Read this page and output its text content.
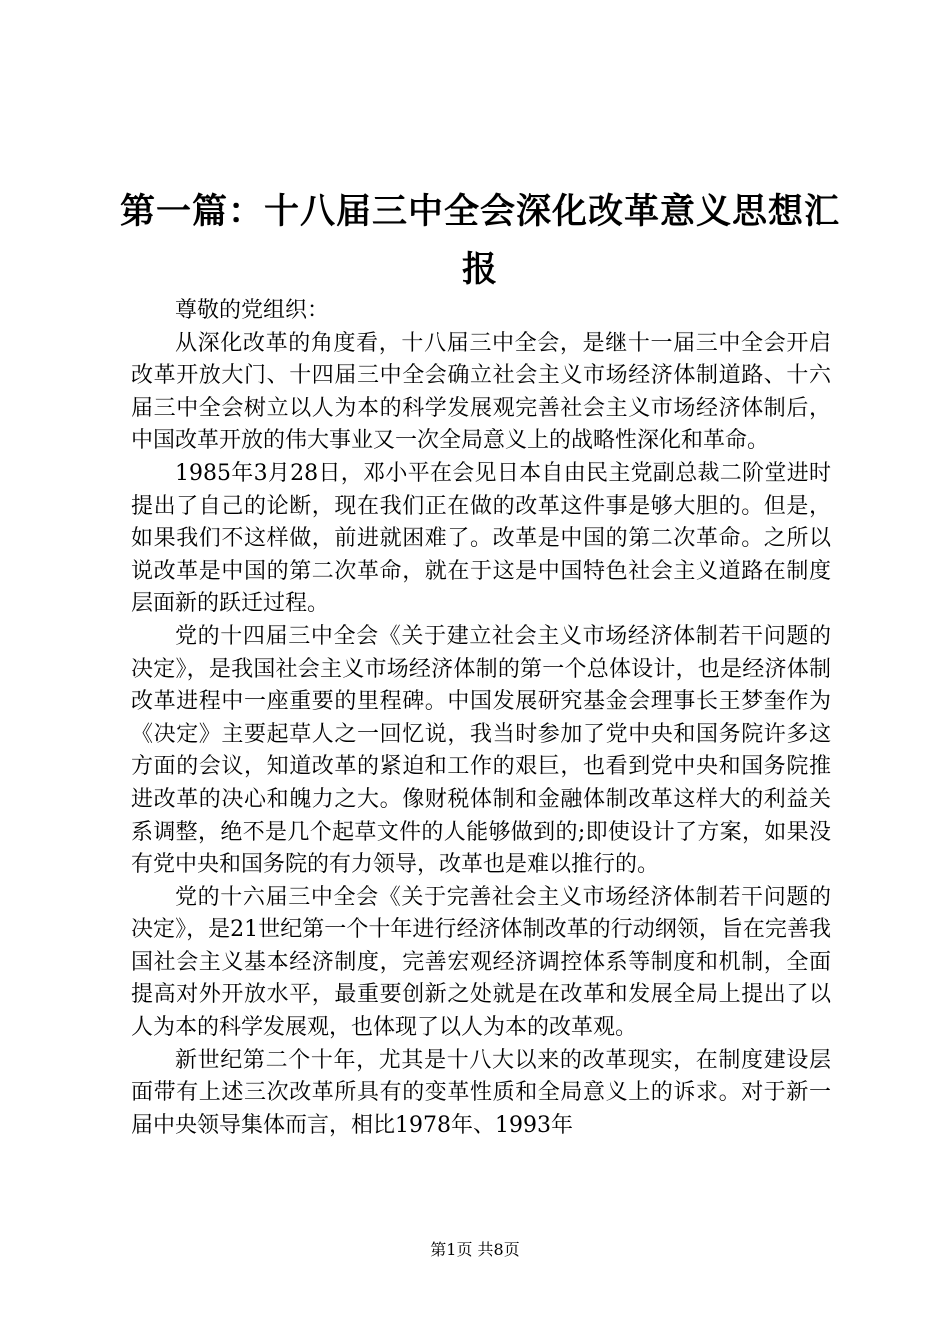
第一篇：十八届三中全会深化改革意义思想汇报

尊敬的党组织：

从深化改革的角度看，十八届三中全会，是继十一届三中全会开启改革开放大门、十四届三中全会确立社会主义市场经济体制道路、十六届三中全会树立以人为本的科学发展观完善社会主义市场经济体制后，中国改革开放的伟大事业又一次全局意义上的战略性深化和革命。

1985年3月28日，邓小平在会见日本自由民主党副总裁二阶堂进时提出了自己的论断，现在我们正在做的改革这件事是够大胆的。但是，如果我们不这样做，前进就困难了。改革是中国的第二次革命。之所以说改革是中国的第二次革命，就在于这是中国特色社会主义道路在制度层面新的跃迁过程。

党的十四届三中全会《关于建立社会主义市场经济体制若干问题的决定》，是我国社会主义市场经济体制的第一个总体设计，也是经济体制改革进程中一座重要的里程碑。中国发展研究基金会理事长王梦奎作为《决定》主要起草人之一回忆说，我当时参加了党中央和国务院许多这方面的会议，知道改革的紧迫和工作的艰巨，也看到党中央和国务院推进改革的决心和魄力之大。像财税体制和金融体制改革这样大的利益关系调整，绝不是几个起草文件的人能够做到的;即使设计了方案，如果没有党中央和国务院的有力领导，改革也是难以推行的。

党的十六届三中全会《关于完善社会主义市场经济体制若干问题的决定》，是21世纪第一个十年进行经济体制改革的行动纲领，旨在完善我国社会主义基本经济制度，完善宏观经济调控体系等制度和机制，全面提高对外开放水平，最重要创新之处就是在改革和发展全局上提出了以人为本的科学发展观，也体现了以人为本的改革观。

新世纪第二个十年，尤其是十八大以来的改革现实，在制度建设层面带有上述三次改革所具有的变革性质和全局意义上的诉求。对于新一届中央领导集体而言，相比1978年、1993年

第1页 共8页
